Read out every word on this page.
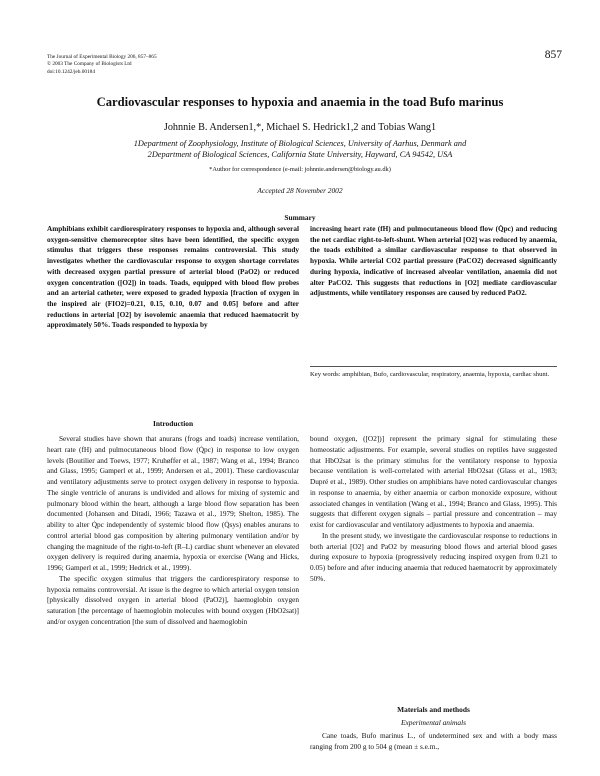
The Journal of Experimental Biology 206, 857–865
© 2003 The Company of Biologists Ltd
doi:10.1242/jeb.00184
857
Cardiovascular responses to hypoxia and anaemia in the toad Bufo marinus
Johnnie B. Andersen1,*, Michael S. Hedrick1,2 and Tobias Wang1
1Department of Zoophysiology, Institute of Biological Sciences, University of Aarhus, Denmark and
2Department of Biological Sciences, California State University, Hayward, CA 94542, USA
*Author for correspondence (e-mail: johnnie.andersen@biology.au.dk)
Accepted 28 November 2002
Summary

Amphibians exhibit cardiorespiratory responses to hypoxia and, although several oxygen-sensitive chemoreceptor sites have been identified, the specific oxygen stimulus that triggers these responses remains controversial. This study investigates whether the cardiovascular response to oxygen shortage correlates with decreased oxygen partial pressure of arterial blood (PaO2) or reduced oxygen concentration ([O2]) in toads. Toads, equipped with blood flow probes and an arterial catheter, were exposed to graded hypoxia [fraction of oxygen in the inspired air (FIO2)=0.21, 0.15, 0.10, 0.07 and 0.05] before and after reductions in arterial [O2] by isovolemic anaemia that reduced haematocrit by approximately 50%. Toads responded to hypoxia by

increasing heart rate (fH) and pulmocutaneous blood flow (Q̇pc) and reducing the net cardiac right-to-left-shunt. When arterial [O2] was reduced by anaemia, the toads exhibited a similar cardiovascular response to that observed in hypoxia. While arterial CO2 partial pressure (PaCO2) decreased significantly during hypoxia, indicative of increased alveolar ventilation, anaemia did not alter PaCO2. This suggests that reductions in [O2] mediate cardiovascular adjustments, while ventilatory responses are caused by reduced PaO2.

Key words: amphibian, Bufo, cardiovascular, respiratory, anaemia, hypoxia, cardiac shunt.
Introduction

Several studies have shown that anurans (frogs and toads) increase ventilation, heart rate (fH) and pulmocutaneous blood flow (Q̇pc) in response to low oxygen levels (Boutilier and Toews, 1977; Kruhøffer et al., 1987; Wang et al., 1994; Branco and Glass, 1995; Gamperl et al., 1999; Andersen et al., 2001). These cardiovascular and ventilatory adjustments serve to protect oxygen delivery in response to hypoxia. The single ventricle of anurans is undivided and allows for mixing of systemic and pulmonary blood within the heart, although a large blood flow separation has been documented (Johansen and Ditadi, 1966; Tazawa et al., 1979; Shelton, 1985). The ability to alter Q̇pc independently of systemic blood flow (Q̇sys) enables anurans to control arterial blood gas composition by altering pulmonary ventilation and/or by changing the magnitude of the right-to-left (R–L) cardiac shunt whenever an elevated oxygen delivery is required during anaemia, hypoxia or exercise (Wang and Hicks, 1996; Gamperl et al., 1999; Hedrick et al., 1999).

The specific oxygen stimulus that triggers the cardiorespiratory response to hypoxia remains controversial. At issue is the degree to which arterial oxygen tension [physically dissolved oxygen in arterial blood (PaO2)], haemoglobin oxygen saturation [the percentage of haemoglobin molecules with bound oxygen (HbO2sat)] and/or oxygen concentration [the sum of dissolved and haemoglobin

bound oxygen, ([O2])] represent the primary signal for stimulating these homeostatic adjustments. For example, several studies on reptiles have suggested that HbO2sat is the primary stimulus for the ventilatory response to hypoxia because ventilation is well-correlated with arterial HbO2sat (Glass et al., 1983; Dupré et al., 1989). Other studies on amphibians have noted cardiovascular changes in response to anaemia, by either anaemia or carbon monoxide exposure, without associated changes in ventilation (Wang et al., 1994; Branco and Glass, 1995). This suggests that different oxygen signals – partial pressure and concentration – may exist for cardiovascular and ventilatory adjustments to hypoxia and anaemia.

In the present study, we investigate the cardiovascular response to reductions in both arterial [O2] and PaO2 by measuring blood flows and arterial blood gases during exposure to hypoxia (progressively reducing inspired oxygen from 0.21 to 0.05) before and after inducing anaemia that reduced haematocrit by approximately 50%.

Materials and methods
Experimental animals

Cane toads, Bufo marinus L., of undetermined sex and with a body mass ranging from 200 g to 504 g (mean ± s.e.m.,
